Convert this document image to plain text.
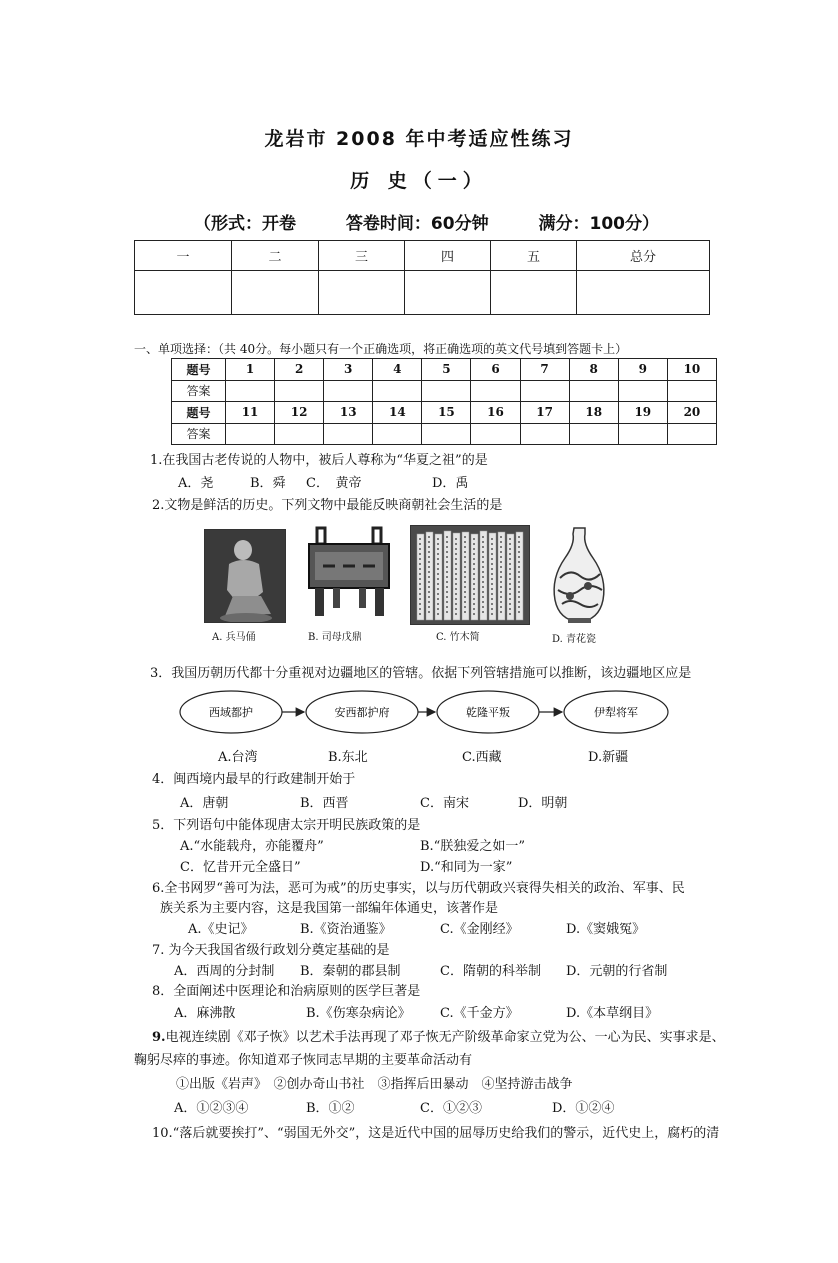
龙岩市 2008 年中考适应性练习
历 史（一）
（形式：开卷	答卷时间：60分钟	满分：100分）
一	二	三	四	五	总分

一、单项选择：（共 40分。每小题只有一个正确选项，将正确选项的英文代号填到答题卡上）
题号	1	2	3	4	5	6	7	8	9	10
答案										
题号	11	12	13	14	15	16	17	18	19	20
答案										
1.在我国古老传说的人物中，被后人尊称为“华夏之祖”的是
A．尧	B．舜 C．　黄帝	D．禹
2.文物是鲜活的历史。下列文物中最能反映商朝社会生活的是
A. 兵马俑	B. 司母戊鼎	C. 竹木简	D. 青花瓷
3．我国历朝历代都十分重视对边疆地区的管辖。依据下列管辖措施可以推断，该边疆地区应是
西域都护	安西都护府	乾隆平叛	伊犁将军
A.台湾	B.东北	C.西藏	D.新疆
4．闽西境内最早的行政建制开始于
A．唐朝	B．西晋	C．南宋	D．明朝
5．下列语句中能体现唐太宗开明民族政策的是
A.“水能载舟，亦能覆舟”	B.“朕独爱之如一”
C．忆昔开元全盛日”	D.“和同为一家”
6.全书网罗“善可为法，恶可为戒”的历史事实，以与历代朝政兴衰得失相关的政治、军事、民
族关系为主要内容，这是我国第一部编年体通史，该著作是
A.《史记》	B.《资治通鉴》	C.《金刚经》	D.《窦娥冤》
7. 为今天我国省级行政划分奠定基础的是
A．西周的分封制 B．秦朝的郡县制	C．隋朝的科举制 D．元朝的行省制
8．全面阐述中医理论和治病原则的医学巨著是
A．麻沸散	B.《伤寒杂病论》 C.《千金方》	D.《本草纲目》
9.电视连续剧《邓子恢》以艺术手法再现了邓子恢无产阶级革命家立党为公、一心为民、实事求是、
鞠躬尽瘁的事迹。你知道邓子恢同志早期的主要革命活动有
①出版《岩声》　②创办奇山书社　③指挥后田暴动　④坚持游击战争
A．①②③④	B．①②	C．①②③	D．①②④
10.“落后就要挨打”、“弱国无外交”，这是近代中国的屈辱历史给我们的警示，近代史上，腐朽的清
